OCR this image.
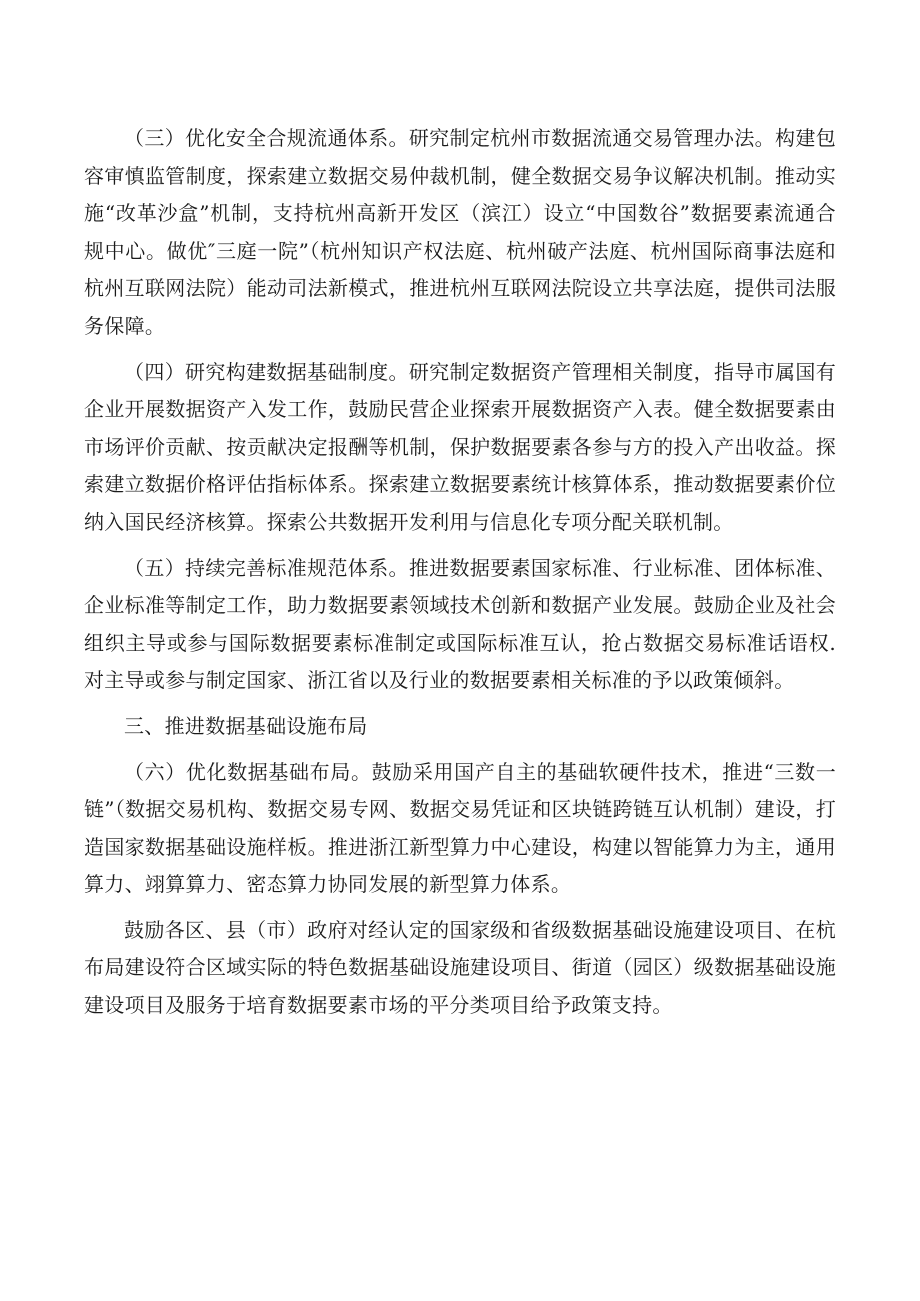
（三）优化安全合规流通体系。研究制定杭州市数据流通交易管理办法。构建包容审慎监管制度，探索建立数据交易仲裁机制，健全数据交易争议解决机制。推动实施“改革沙盒”机制，支持杭州高新开发区（滨江）设立“中国数谷”数据要素流通合规中心。做优″三庭一院”（杭州知识产权法庭、杭州破产法庭、杭州国际商事法庭和杭州互联网法院）能动司法新模式，推进杭州互联网法院设立共享法庭，提供司法服务保障。

（四）研究构建数据基础制度。研究制定数据资产管理相关制度，指导市属国有企业开展数据资产入发工作，鼓励民营企业探索开展数据资产入表。健全数据要素由市场评价贡献、按贡献决定报酬等机制，保护数据要素各参与方的投入产出收益。探索建立数据价格评估指标体系。探索建立数据要素统计核算体系，推动数据要素价位纳入国民经济核算。探索公共数据开发利用与信息化专项分配关联机制。

（五）持续完善标准规范体系。推进数据要素国家标准、行业标准、团体标准、企业标准等制定工作，助力数据要素领域技术创新和数据产业发展。鼓励企业及社会组织主导或参与国际数据要素标准制定或国际标准互认，抢占数据交易标准话语权.对主导或参与制定国家、浙江省以及行业的数据要素相关标准的予以政策倾斜。

三、推进数据基础设施布局

（六）优化数据基础布局。鼓励采用国产自主的基础软硬件技术，推进“三数一链”（数据交易机构、数据交易专网、数据交易凭证和区块链跨链互认机制）建设，打造国家数据基础设施样板。推进浙江新型算力中心建设，构建以智能算力为主，通用算力、翊算算力、密态算力协同发展的新型算力体系。

鼓励各区、县（市）政府对经认定的国家级和省级数据基础设施建设项目、在杭布局建设符合区域实际的特色数据基础设施建设项目、街道（园区）级数据基础设施建设项目及服务于培育数据要素市场的平分类项目给予政策支持。
